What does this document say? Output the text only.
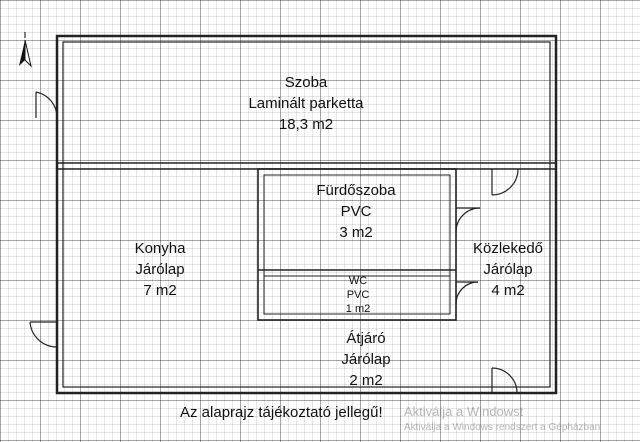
Szoba
Laminált parketta
18,3 m2
Fürdőszoba
PVC
3 m2
Konyha
Járólap
7 m2
Közlekedő
Járólap
4 m2
WC
PVC
1 m2
Átjáró
Járólap
2 m2
Az alaprajz tájékoztató jellegű! Aktiválja a Windowst
Aktiválja a Windows rendszert a Gépházban
